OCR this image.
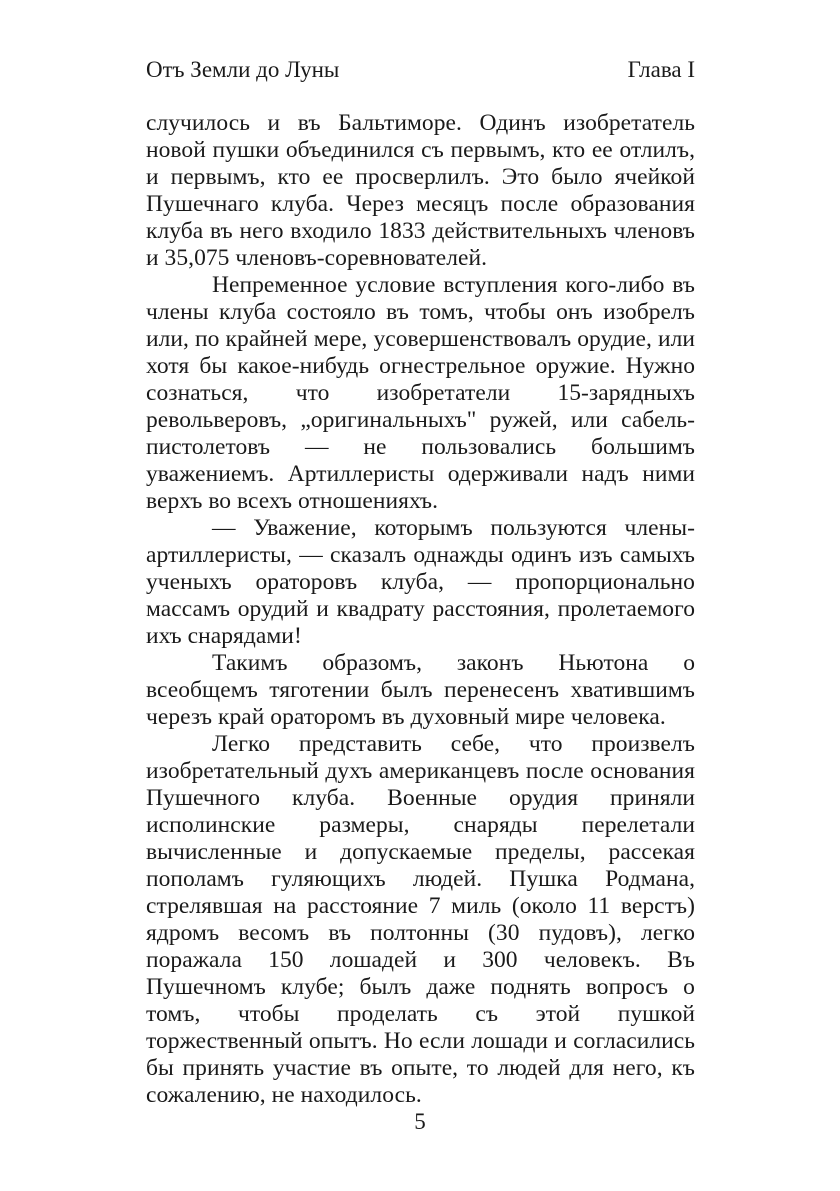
Отъ Земли до Луны	Глава I

случилось и въ Бальтиморе. Одинъ изобретатель новой пушки объединился съ первымъ, кто ее отлилъ, и первымъ, кто ее просверлилъ. Это было ячейкой Пушечнаго клуба. Через месяцъ после образования клуба въ него входило 1833 действительныхъ членовъ и 35,075 членовъ-соревнователей.

Непременное условие вступления кого-либо въ члены клуба состояло въ томъ, чтобы онъ изобрелъ или, по крайней мере, усовершенствовалъ орудие, или хотя бы какое-нибудь огнестрельное оружие. Нужно сознаться, что изобретатели 15-зарядныхъ револьверовъ, „оригинальныхъ" ружей, или сабель-пистолетовъ — не пользовались большимъ уважениемъ. Артиллеристы одерживали надъ ними верхъ во всехъ отношенияхъ.

— Уважение, которымъ пользуются члены-артиллеристы, — сказалъ однажды одинъ изъ самыхъ ученыхъ ораторовъ клуба, — пропорционально массамъ орудий и квадрату расстояния, пролетаемого ихъ снарядами!

Такимъ образомъ, законъ Ньютона о всеобщемъ тяготении былъ перенесенъ хватившимъ черезъ край ораторомъ въ духовный мире человека.

Легко представить себе, что произвелъ изобретательный духъ американцевъ после основания Пушечного клуба. Военные орудия приняли исполинские размеры, снаряды перелетали вычисленные и допускаемые пределы, рассекая пополамъ гуляющихъ людей. Пушка Родмана, стрелявшая на расстояние 7 миль (около 11 верстъ) ядромъ весомъ въ полтонны (30 пудовъ), легко поражала 150 лошадей и 300 человекъ. Въ Пушечномъ клубе; былъ даже поднять вопросъ о томъ, чтобы проделать съ этой пушкой торжественный опытъ. Но если лошади и согласились бы принять участие въ опыте, то людей для него, къ сожалению, не находилось.

5
